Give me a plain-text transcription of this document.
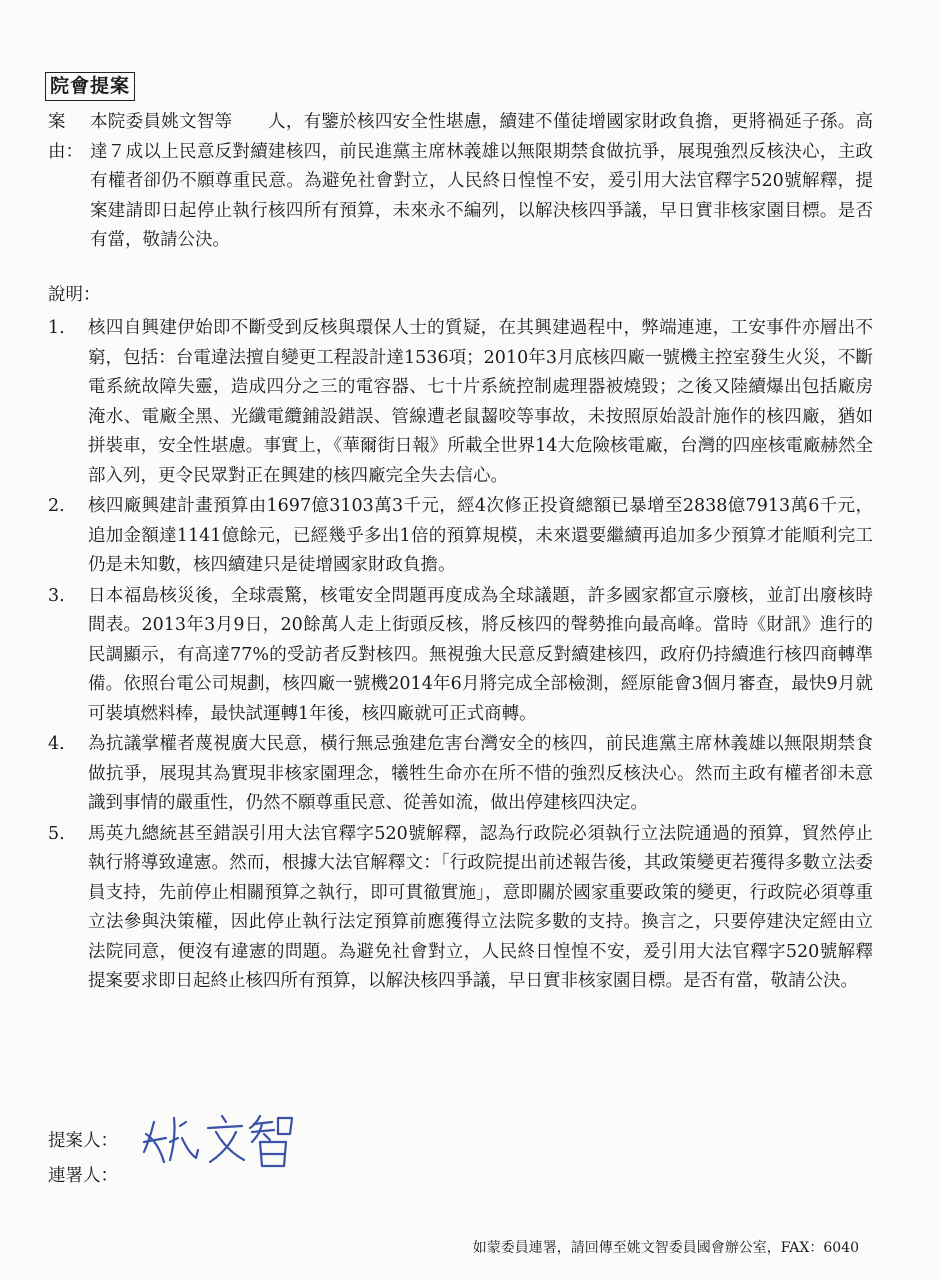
院會提案
案由：
本院委員姚文智等　　人，有鑒於核四安全性堪慮，續建不僅徒增國家財政負擔，更將禍延子孫。高達７成以上民意反對續建核四，前民進黨主席林義雄以無限期禁食做抗爭，展現強烈反核決心，主政有權者卻仍不願尊重民意。為避免社會對立，人民終日惶惶不安，爰引用大法官釋字520號解釋，提案建請即日起停止執行核四所有預算，未來永不編列，以解決核四爭議，早日實非核家園目標。是否有當，敬請公決。
說明：
1.	核四自興建伊始即不斷受到反核與環保人士的質疑，在其興建過程中，弊端連連，工安事件亦層出不窮，包括：台電違法擅自變更工程設計達1536項；2010年3月底核四廠一號機主控室發生火災，不斷電系統故障失靈，造成四分之三的電容器、七十片系統控制處理器被燒毀；之後又陸續爆出包括廠房淹水、電廠全黑、光纖電纜鋪設錯誤、管線遭老鼠齧咬等事故，未按照原始設計施作的核四廠，猶如拼裝車，安全性堪慮。事實上，《華爾街日報》所載全世界14大危險核電廠，台灣的四座核電廠赫然全部入列，更令民眾對正在興建的核四廠完全失去信心。
2.	核四廠興建計畫預算由1697億3103萬3千元，經4次修正投資總額已暴增至2838億7913萬6千元，追加金額達1141億餘元，已經幾乎多出1倍的預算規模，未來還要繼續再追加多少預算才能順利完工仍是未知數，核四續建只是徒增國家財政負擔。
3.	日本福島核災後，全球震驚，核電安全問題再度成為全球議題，許多國家都宣示廢核，並訂出廢核時間表。2013年3月9日，20餘萬人走上街頭反核，將反核四的聲勢推向最高峰。當時《財訊》進行的民調顯示，有高達77%的受訪者反對核四。無視強大民意反對續建核四，政府仍持續進行核四商轉準備。依照台電公司規劃，核四廠一號機2014年6月將完成全部檢測，經原能會3個月審查，最快9月就可裝填燃料棒，最快試運轉1年後，核四廠就可正式商轉。
4.	為抗議掌權者蔑視廣大民意，橫行無忌強建危害台灣安全的核四，前民進黨主席林義雄以無限期禁食做抗爭，展現其為實現非核家園理念，犧牲生命亦在所不惜的強烈反核決心。然而主政有權者卻未意識到事情的嚴重性，仍然不願尊重民意、從善如流，做出停建核四決定。
5.	馬英九總統甚至錯誤引用大法官釋字520號解釋，認為行政院必須執行立法院通過的預算，貿然停止執行將導致違憲。然而，根據大法官解釋文：「行政院提出前述報告後，其政策變更若獲得多數立法委員支持，先前停止相關預算之執行，即可貫徹實施」，意即關於國家重要政策的變更，行政院必須尊重立法參與決策權，因此停止執行法定預算前應獲得立法院多數的支持。換言之，只要停建決定經由立法院同意，便沒有違憲的問題。為避免社會對立，人民終日惶惶不安，爰引用大法官釋字520號解釋提案要求即日起終止核四所有預算，以解決核四爭議，早日實非核家園目標。是否有當，敬請公決。
提案人：
連署人：
如蒙委員連署，請回傳至姚文智委員國會辦公室，FAX：6040
